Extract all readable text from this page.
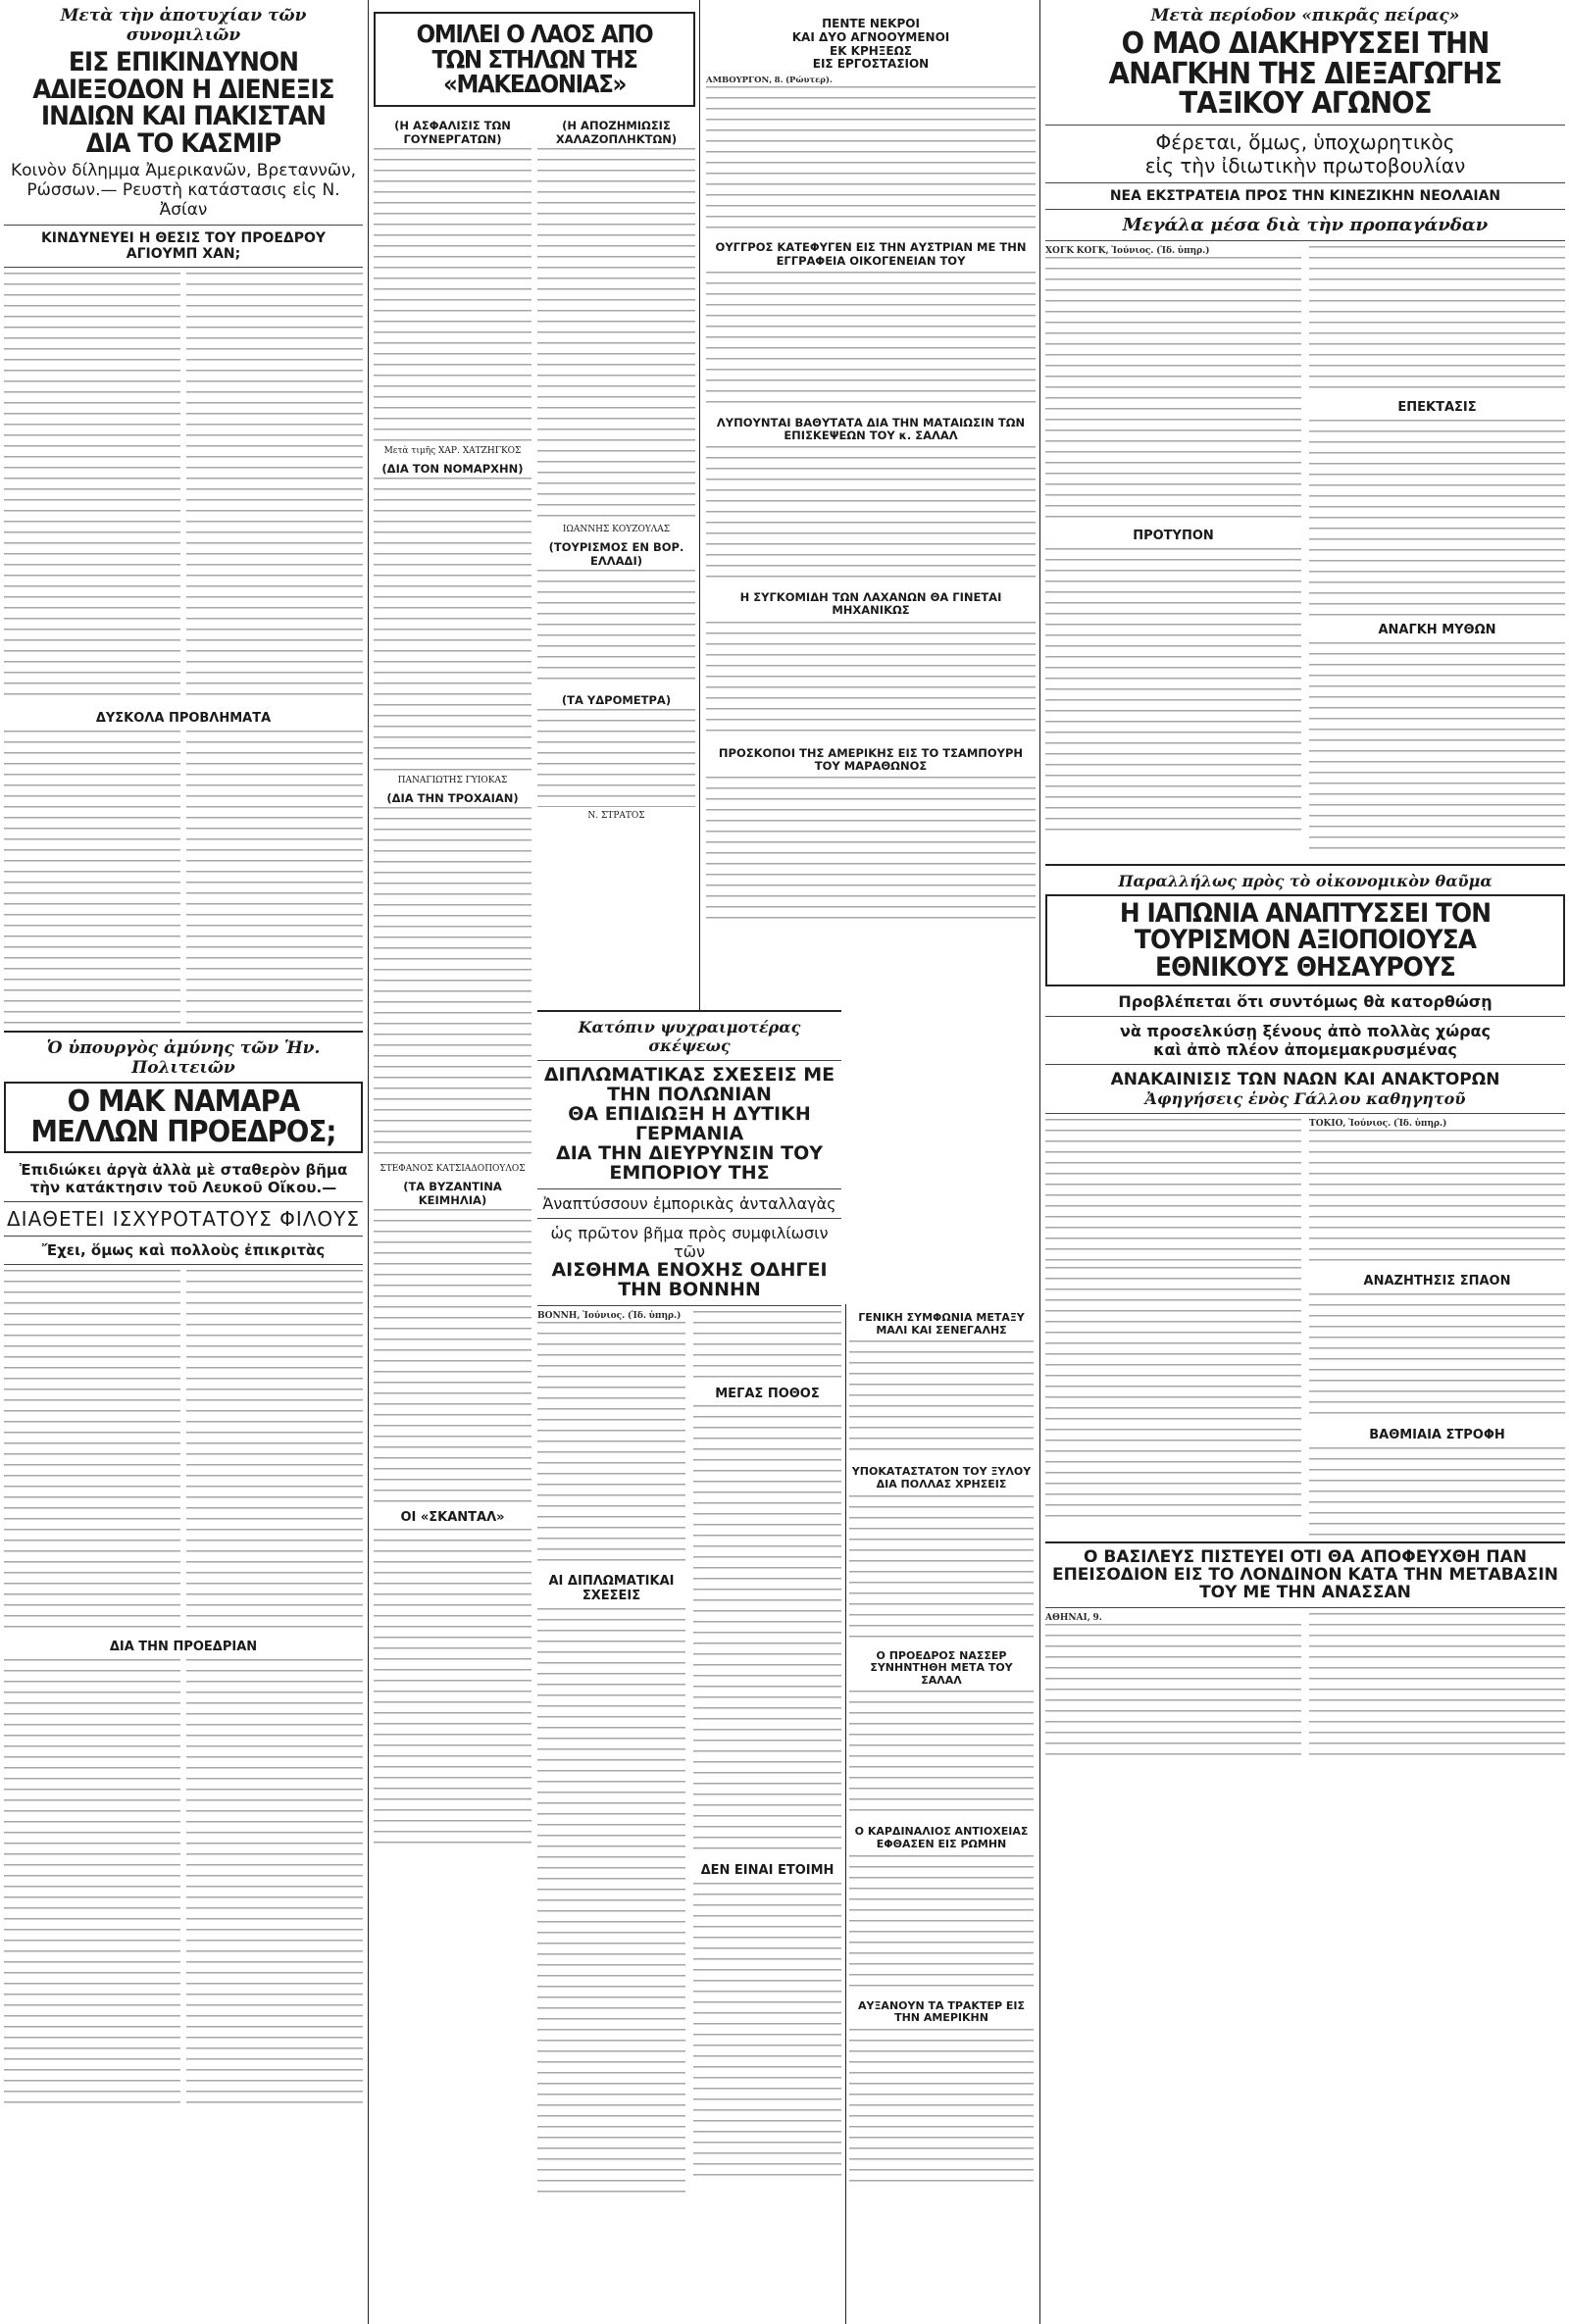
Μετὰ τὴν ἀποτυχίαν τῶν συνομιλιῶν
ΕΙΣ ΕΠΙΚΙΝΔΥΝΟΝ ΑΔΙΕΞΟΔΟΝ Η ΔΙΕΝΕΞΙΣ ΙΝΔΙΩΝ ΚΑΙ ΠΑΚΙΣΤΑΝ ΔΙΑ ΤΟ ΚΑΣΜΙΡ
Κοινὸν δίλημμα Ἀμερικανῶν, Βρεταννῶν,
Ρώσσων.— Ρευστὴ κατάστασις εἰς Ν. Ἀσίαν
ΚΙΝΔΥΝΕΥΕΙ Η ΘΕΣΙΣ ΤΟΥ ΠΡΟΕΔΡΟΥ ΑΓΙΟΥΜΠ ΧΑΝ;
ΔΥΣΚΟΛΑ ΠΡΟΒΛΗΜΑΤΑ
Ὁ ὑπουργὸς ἀμύνης τῶν Ἡν. Πολιτειῶν
Ο ΜΑΚ ΝΑΜΑΡΑ ΜΕΛΛΩΝ ΠΡΟΕΔΡΟΣ;
Ἐπιδιώκει ἀργὰ ἀλλὰ μὲ σταθερὸν βῆμα
τὴν κατάκτησιν τοῦ Λευκοῦ Οἴκου.—
ΔΙΑΘΕΤΕΙ ΙΣΧΥΡΟΤΑΤΟΥΣ ΦΙΛΟΥΣ
Ἔχει, ὅμως καὶ πολλοὺς ἐπικριτὰς
ΔΙΑ ΤΗΝ ΠΡΟΕΔΡΙΑΝ
ΟΜΙΛΕΙ Ο ΛΑΟΣ ΑΠΟ ΤΩΝ ΣΤΗΛΩΝ ΤΗΣ «ΜΑΚΕΔΟΝΙΑΣ»
(Η ΑΣΦΑΛΙΣΙΣ ΤΩΝ ΓΟΥΝΕΡΓΑΤΩΝ)
Μετὰ τιμῆς ΧΑΡ. ΧΑΤΖΗΓΚΟΣ
(ΔΙΑ ΤΟΝ ΝΟΜΑΡΧΗΝ)
ΠΑΝΑΓΙΩΤΗΣ ΓΥΙΟΚΑΣ
(ΔΙΑ ΤΗΝ ΤΡΟΧΑΙΑΝ)
ΣΤΕΦΑΝΟΣ ΚΑΤΣΙΑΔΟΠΟΥΛΟΣ
(ΤΑ ΒΥΖΑΝΤΙΝΑ ΚΕΙΜΗΛΙΑ)
ΟΙ «ΣΚΑΝΤΑΛ»
(Η ΑΠΟΖΗΜΙΩΣΙΣ ΧΑΛΑΖΟΠΛΗΚΤΩΝ)
ΙΩΑΝΝΗΣ ΚΟΥΖΟΥΛΑΣ
(ΤΟΥΡΙΣΜΟΣ ΕΝ ΒΟΡ. ΕΛΛΑΔΙ)
(ΤΑ ΥΔΡΟΜΕΤΡΑ)
Ν. ΣΤΡΑΤΟΣ
Κατόπιν ψυχραιμοτέρας σκέψεως
ΔΙΠΛΩΜΑΤΙΚΑΣ ΣΧΕΣΕΙΣ ΜΕ ΤΗΝ ΠΟΛΩΝΙΑΝ
ΘΑ ΕΠΙΔΙΩΞΗ Η ΔΥΤΙΚΗ ΓΕΡΜΑΝΙΑ
ΔΙΑ ΤΗΝ ΔΙΕΥΡΥΝΣΙΝ ΤΟΥ ΕΜΠΟΡΙΟΥ ΤΗΣ
Ἀναπτύσσουν ἐμπορικὰς ἀνταλλαγὰς
ὡς πρῶτον βῆμα πρὸς συμφιλίωσιν τῶν
ΑΙΣΘΗΜΑ ΕΝΟΧΗΣ ΟΔΗΓΕΙ ΤΗΝ ΒΟΝΝΗΝ
ΒΟΝΝΗ, Ἰούνιος. (Ἰδ. ὑπηρ.)
ΑΙ ΔΙΠΛΩΜΑΤΙΚΑΙ ΣΧΕΣΕΙΣ
ΜΕΓΑΣ ΠΟΘΟΣ
ΔΕΝ ΕΙΝΑΙ ΕΤΟΙΜΗ
ΠΕΝΤΕ ΝΕΚΡΟΙ
ΚΑΙ ΔΥΟ ΑΓΝΟΟΥΜΕΝΟΙ
ΕΚ ΚΡΗΞΕΩΣ
ΕΙΣ ΕΡΓΟΣΤΑΣΙΟΝ
ΑΜΒΟΥΡΓΟΝ, 8. (Ρώυτερ).
ΟΥΓΓΡΟΣ ΚΑΤΕΦΥΓΕΝ ΕΙΣ ΤΗΝ ΑΥΣΤΡΙΑΝ ΜΕ ΤΗΝ ΕΓΓΡΑΦΕΙΑ ΟΙΚΟΓΕΝΕΙΑΝ ΤΟΥ
ΛΥΠΟΥΝΤΑΙ ΒΑΘΥΤΑΤΑ ΔΙΑ ΤΗΝ ΜΑΤΑΙΩΣΙΝ ΤΩΝ ΕΠΙΣΚΕΨΕΩΝ ΤΟΥ κ. ΣΑΛΑΛ
Η ΣΥΓΚΟΜΙΔΗ ΤΩΝ ΛΑΧΑΝΩΝ ΘΑ ΓΙΝΕΤΑΙ ΜΗΧΑΝΙΚΩΣ
ΠΡΟΣΚΟΠΟΙ ΤΗΣ ΑΜΕΡΙΚΗΣ ΕΙΣ ΤΟ ΤΣΑΜΠΟΥΡΗ ΤΟΥ ΜΑΡΑΘΩΝΟΣ
Μετὰ περίοδον «πικρᾶς πείρας»
Ο ΜΑΟ ΔΙΑΚΗΡΥΣΣΕΙ ΤΗΝ ΑΝΑΓΚΗΝ ΤΗΣ ΔΙΕΞΑΓΩΓΗΣ ΤΑΞΙΚΟΥ ΑΓΩΝΟΣ
Φέρεται, ὅμως, ὑποχωρητικὸς
εἰς τὴν ἰδιωτικὴν πρωτοβουλίαν
ΝΕΑ ΕΚΣΤΡΑΤΕΙΑ ΠΡΟΣ ΤΗΝ ΚΙΝΕΖΙΚΗΝ ΝΕΟΛΑΙΑΝ
Μεγάλα μέσα διὰ τὴν προπαγάνδαν
ΧΟΓΚ ΚΟΓΚ, Ἰούνιος. (Ἰδ. ὑπηρ.)
ΠΡΟΤΥΠΟΝ
ΕΠΕΚΤΑΣΙΣ
ΑΝΑΓΚΗ ΜΥΘΩΝ
Παραλλήλως πρὸς τὸ οἰκονομικὸν θαῦμα
Η ΙΑΠΩΝΙΑ ΑΝΑΠΤΥΣΣΕΙ ΤΟΝ ΤΟΥΡΙΣΜΟΝ ΑΞΙΟΠΟΙΟΥΣΑ ΕΘΝΙΚΟΥΣ ΘΗΣΑΥΡΟΥΣ
Προβλέπεται ὅτι συντόμως θὰ κατορθώσῃ
νὰ προσελκύσῃ ξένους ἀπὸ πολλὰς χώρας
καὶ ἀπὸ πλέον ἀπομεμακρυσμένας
ΑΝΑΚΑΙΝΙΣΙΣ ΤΩΝ ΝΑΩΝ ΚΑΙ ΑΝΑΚΤΟΡΩΝ
Ἀφηγήσεις ἑνὸς Γάλλου καθηγητοῦ
ΤΟΚΙΟ, Ἰούνιος. (Ἰδ. ὑπηρ.)
ΑΝΑΖΗΤΗΣΙΣ ΣΠΑΟΝ
ΒΑΘΜΙΑΙΑ ΣΤΡΟΦΗ
Ο ΒΑΣΙΛΕΥΣ ΠΙΣΤΕΥΕΙ ΟΤΙ ΘΑ ΑΠΟΦΕΥΧΘΗ ΠΑΝ ΕΠΕΙΣΟΔΙΟΝ ΕΙΣ ΤΟ ΛΟΝΔΙΝΟΝ ΚΑΤΑ ΤΗΝ ΜΕΤΑΒΑΣΙΝ ΤΟΥ ΜΕ ΤΗΝ ΑΝΑΣΣΑΝ
ΑΘΗΝΑΙ, 9.
ΓΕΝΙΚΗ ΣΥΜΦΩΝΙΑ ΜΕΤΑΞΥ ΜΑΛΙ ΚΑΙ ΣΕΝΕΓΑΛΗΣ
ΥΠΟΚΑΤΑΣΤΑΤΟΝ ΤΟΥ ΞΥΛΟΥ ΔΙΑ ΠΟΛΛΑΣ ΧΡΗΣΕΙΣ
Ο ΠΡΟΕΔΡΟΣ ΝΑΣΣΕΡ ΣΥΝΗΝΤΗΘΗ ΜΕΤΑ ΤΟΥ ΣΑΛΑΛ
Ο ΚΑΡΔΙΝΑΛΙΟΣ ΑΝΤΙΟΧΕΙΑΣ ΕΦΘΑΣΕΝ ΕΙΣ ΡΩΜΗΝ
ΑΥΞΑΝΟΥΝ ΤΑ ΤΡΑΚΤΕΡ ΕΙΣ ΤΗΝ ΑΜΕΡΙΚΗΝ
